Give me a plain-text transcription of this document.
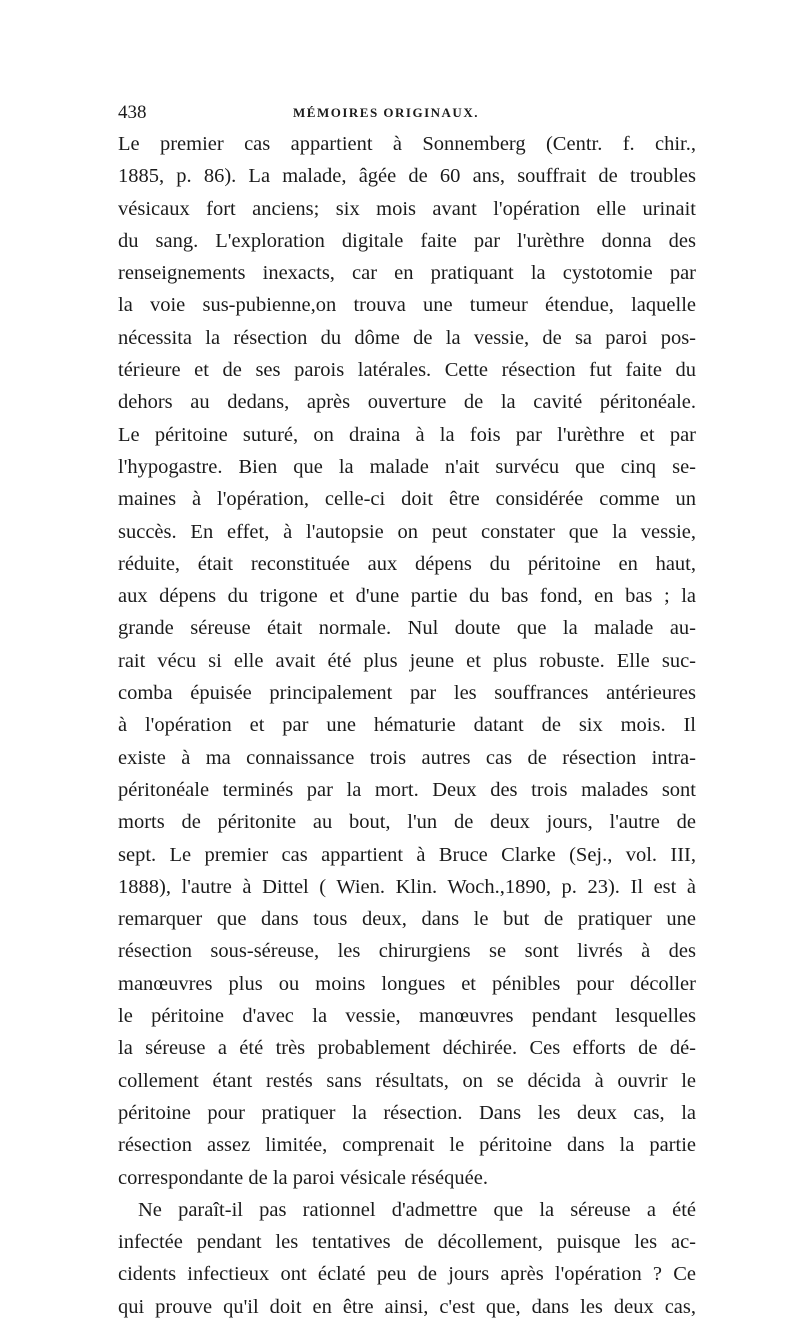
438	MÉMOIRES ORIGINAUX.
Le premier cas appartient à Sonnemberg (Centr. f. chir.,
1885, p. 86). La malade, âgée de 60 ans, souffrait de troubles
vésicaux fort anciens; six mois avant l'opération elle urinait
du sang. L'exploration digitale faite par l'urèthre donna des
renseignements inexacts, car en pratiquant la cystotomie par
la voie sus-pubienne,on trouva une tumeur étendue, laquelle
nécessita la résection du dôme de la vessie, de sa paroi pos-
térieure et de ses parois latérales. Cette résection fut faite du
dehors au dedans, après ouverture de la cavité péritonéale.
Le péritoine suturé, on draina à la fois par l'urèthre et par
l'hypogastre. Bien que la malade n'ait survécu que cinq se-
maines à l'opération, celle-ci doit être considérée comme un
succès. En effet, à l'autopsie on peut constater que la vessie,
réduite, était reconstituée aux dépens du péritoine en haut,
aux dépens du trigone et d'une partie du bas fond, en bas ; la
grande séreuse était normale. Nul doute que la malade au-
rait vécu si elle avait été plus jeune et plus robuste. Elle suc-
comba épuisée principalement par les souffrances antérieures
à l'opération et par une hématurie datant de six mois. Il
existe à ma connaissance trois autres cas de résection intra-
péritonéale terminés par la mort. Deux des trois malades sont
morts de péritonite au bout, l'un de deux jours, l'autre de
sept. Le premier cas appartient à Bruce Clarke (Sej., vol. III,
1888), l'autre à Dittel ( Wien. Klin. Woch.,1890, p. 23). Il est à
remarquer que dans tous deux, dans le but de pratiquer une
résection sous-séreuse, les chirurgiens se sont livrés à des
manœuvres plus ou moins longues et pénibles pour décoller
le péritoine d'avec la vessie, manœuvres pendant lesquelles
la séreuse a été très probablement déchirée. Ces efforts de dé-
collement étant restés sans résultats, on se décida à ouvrir le
péritoine pour pratiquer la résection. Dans les deux cas, la
résection assez limitée, comprenait le péritoine dans la partie
correspondante de la paroi vésicale réséquée.
Ne paraît-il pas rationnel d'admettre que la séreuse a été
infectée pendant les tentatives de décollement, puisque les ac-
cidents infectieux ont éclaté peu de jours après l'opération ? Ce
qui prouve qu'il doit en être ainsi, c'est que, dans les deux cas,
